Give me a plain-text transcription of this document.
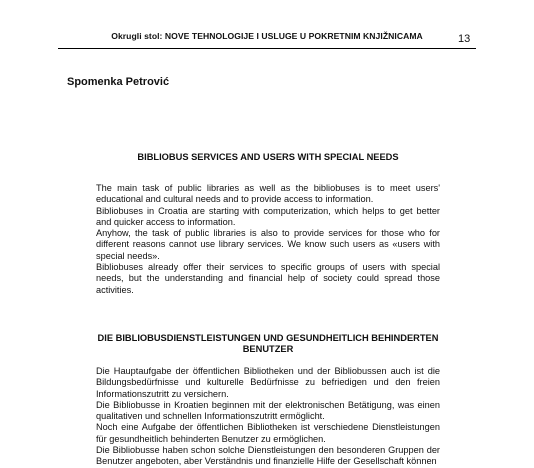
Okrugli stol: NOVE TEHNOLOGIJE I USLUGE U POKRETNIM KNJIŽNICAMA	13
Spomenka Petrović
BIBLIOBUS SERVICES AND USERS WITH SPECIAL NEEDS

The main task of public libraries as well as the bibliobuses is to meet users' educational and cultural needs and to provide access to information.

Bibliobuses in Croatia are starting with computerization, which helps to get better and quicker access to information.

Anyhow, the task of public libraries is also to provide services for those who for different reasons cannot use library services. We know such users as «users with special needs».

Bibliobuses already offer their services to specific groups of users with special needs, but the understanding and financial help of society could spread those activities.

DIE BIBLIOBUSDIENSTLEISTUNGEN UND GESUNDHEITLICH BEHINDERTEN BENUTZER

Die Hauptaufgabe der öffentlichen Bibliotheken und der Bibliobussen auch ist die Bildungsbedürfnisse und kulturelle Bedürfnisse zu befriedigen und den freien Informationszutritt zu versichern.

Die Bibliobusse in Kroatien beginnen mit der elektronischen Betätigung, was einen qualitativen und schnellen Informationszutritt ermöglicht.

Noch eine Aufgabe der öffentlichen Bibliotheken ist verschiedene Dienstleistungen für gesundheitlich behinderten Benutzer zu ermöglichen.

Die Bibliobusse haben schon solche Dienstleistungen den besonderen Gruppen der Benutzer angeboten, aber Verständnis und finanzielle Hilfe der Gesellschaft können
